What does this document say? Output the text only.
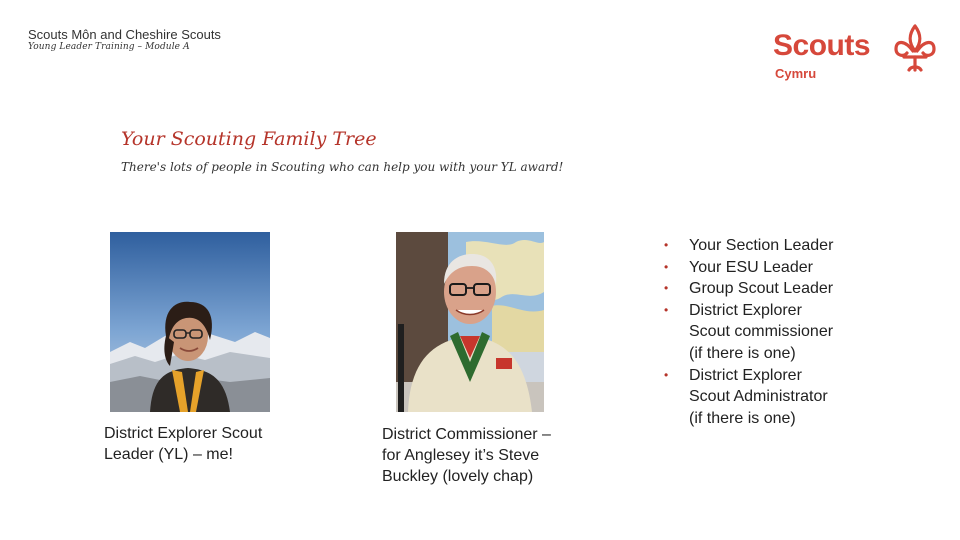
Scouts Môn and Cheshire Scouts
Young Leader Training – Module A	Scouts
Cymru
Your Scouting Family Tree
There's lots of people in Scouting who can help you with your YL award!
District Explorer Scout
Leader (YL) – me!
District Commissioner –
for Anglesey it’s Steve
Buckley (lovely chap)
• Your Section Leader
• Your ESU Leader
• Group Scout Leader
• District Explorer
Scout commissioner
(if there is one)
• District Explorer
Scout Administrator
(if there is one)
